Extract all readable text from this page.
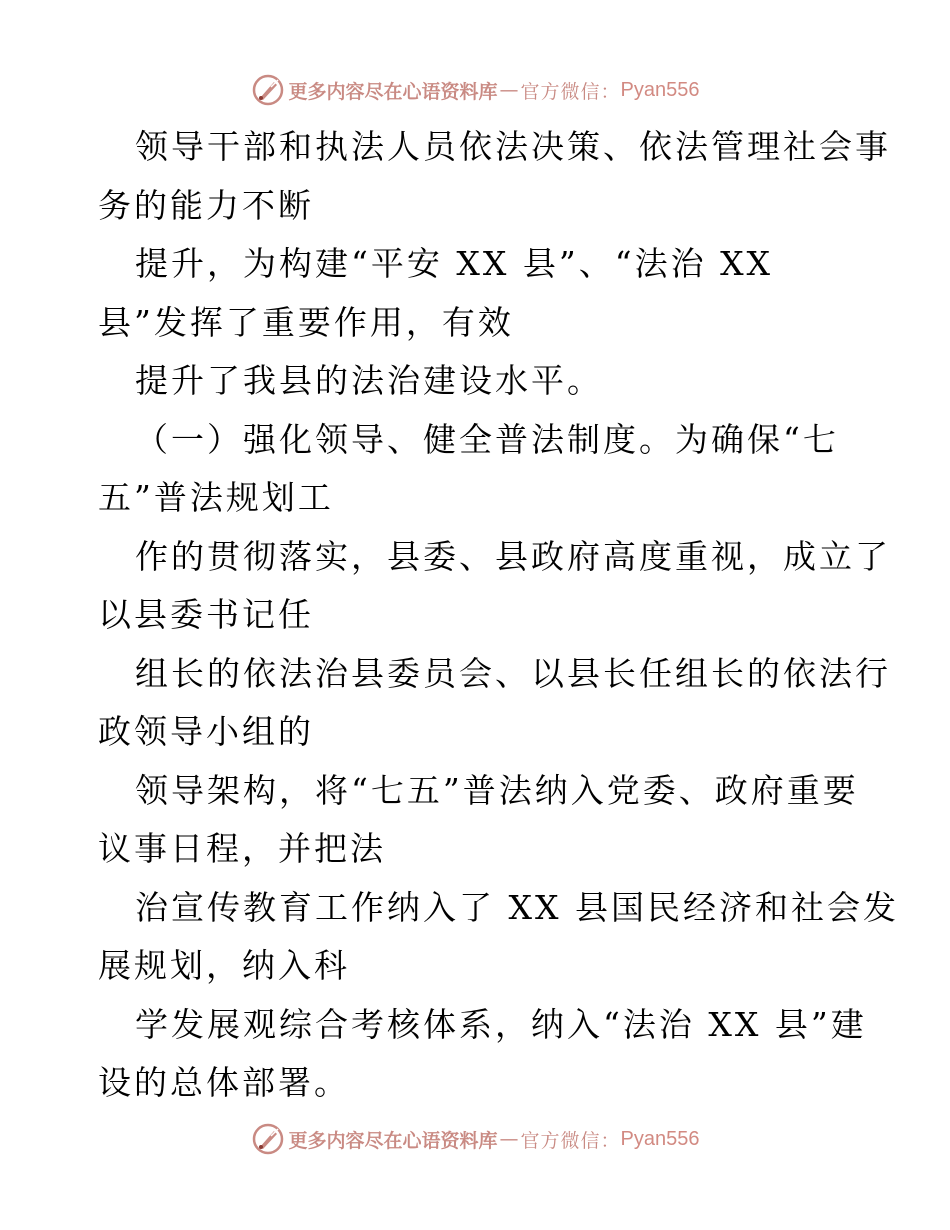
更多内容尽在心语资料库 — 官方微信： Pyan556
领导干部和执法人员依法决策、依法管理社会事
务的能力不断
提升，为构建“平安 XX 县”、“法治 XX
县”发挥了重要作用，有效
提升了我县的法治建设水平。
（一）强化领导、健全普法制度。为确保“七
五”普法规划工
作的贯彻落实，县委、县政府高度重视，成立了
以县委书记任
组长的依法治县委员会、以县长任组长的依法行
政领导小组的
领导架构，将“七五”普法纳入党委、政府重要
议事日程，并把法
治宣传教育工作纳入了 XX 县国民经济和社会发
展规划，纳入科
学发展观综合考核体系，纳入“法治 XX 县”建
设的总体部署。
更多内容尽在心语资料库 — 官方微信： Pyan556
